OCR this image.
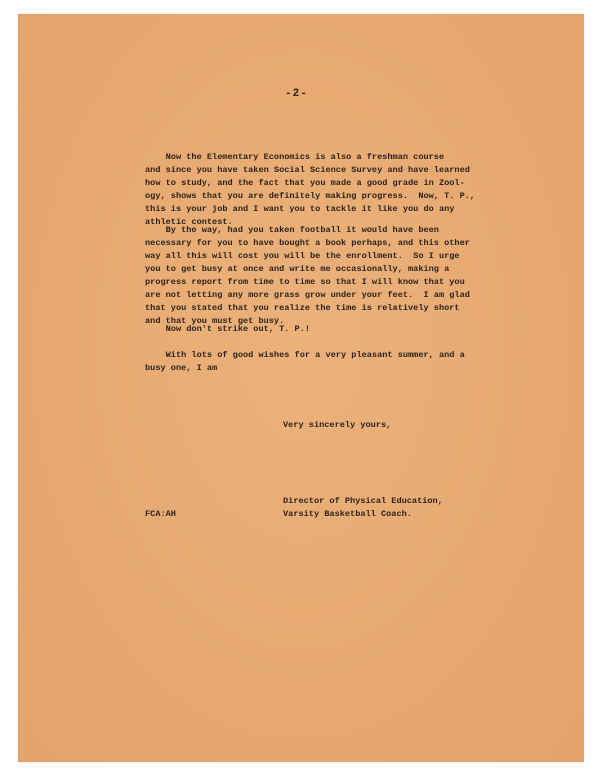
-2-
Now the Elementary Economics is also a freshman course
and since you have taken Social Science Survey and have learned
how to study, and the fact that you made a good grade in Zool-
ogy, shows that you are definitely making progress.  Now, T. P.,
this is your job and I want you to tackle it like you do any
athletic contest.
By the way, had you taken football it would have been
necessary for you to have bought a book perhaps, and this other
way all this will cost you will be the enrollment.  So I urge
you to get busy at once and write me occasionally, making a
progress report from time to time so that I will know that you
are not letting any more grass grow under your feet.  I am glad
that you stated that you realize the time is relatively short
and that you must get busy.
Now don't strike out, T. P.!
With lots of good wishes for a very pleasant summer, and a
busy one, I am
Very sincerely yours,
Director of Physical Education,
Varsity Basketball Coach.
FCA:AH
